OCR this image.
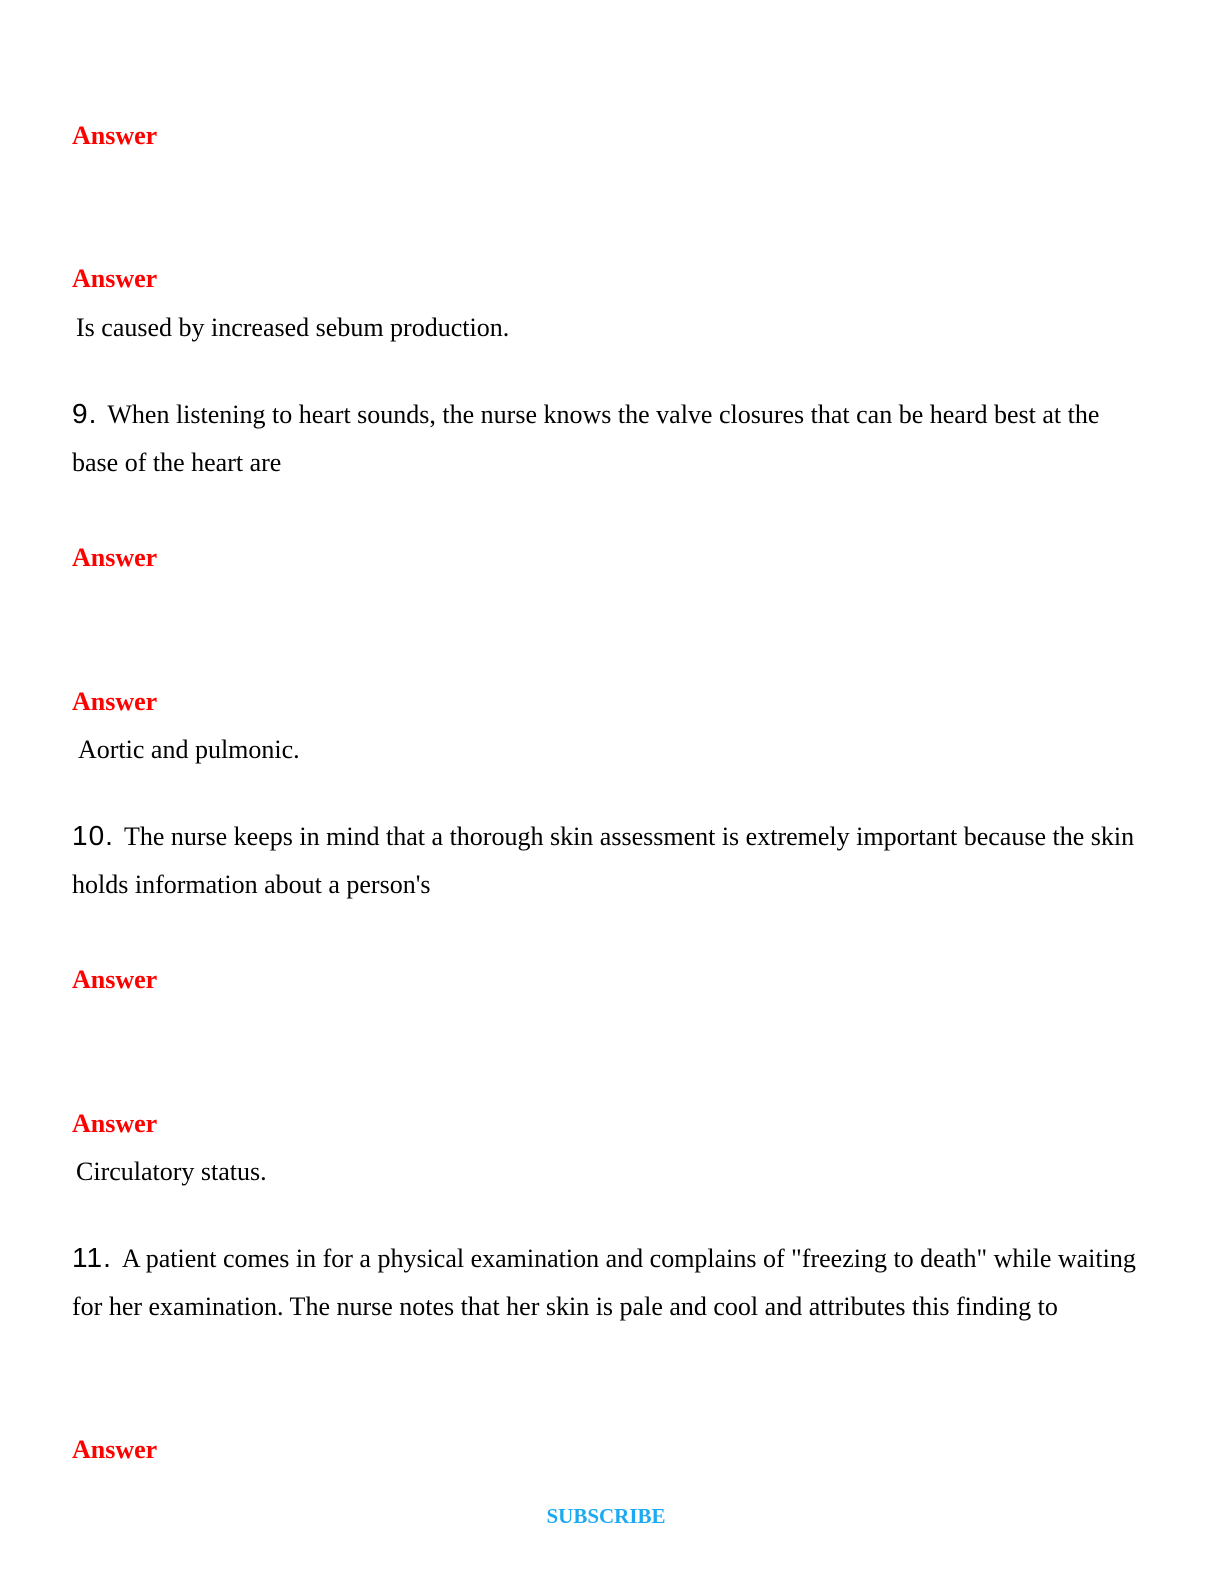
Answer
Answer
Is caused by increased sebum production.
9. When listening to heart sounds, the nurse knows the valve closures that can be heard best at the base of the heart are
Answer
Answer
Aortic and pulmonic.
10. The nurse keeps in mind that a thorough skin assessment is extremely important because the skin holds information about a person's
Answer
Answer
Circulatory status.
11. A patient comes in for a physical examination and complains of "freezing to death" while waiting for her examination. The nurse notes that her skin is pale and cool and attributes this finding to
Answer
SUBSCRIBE
